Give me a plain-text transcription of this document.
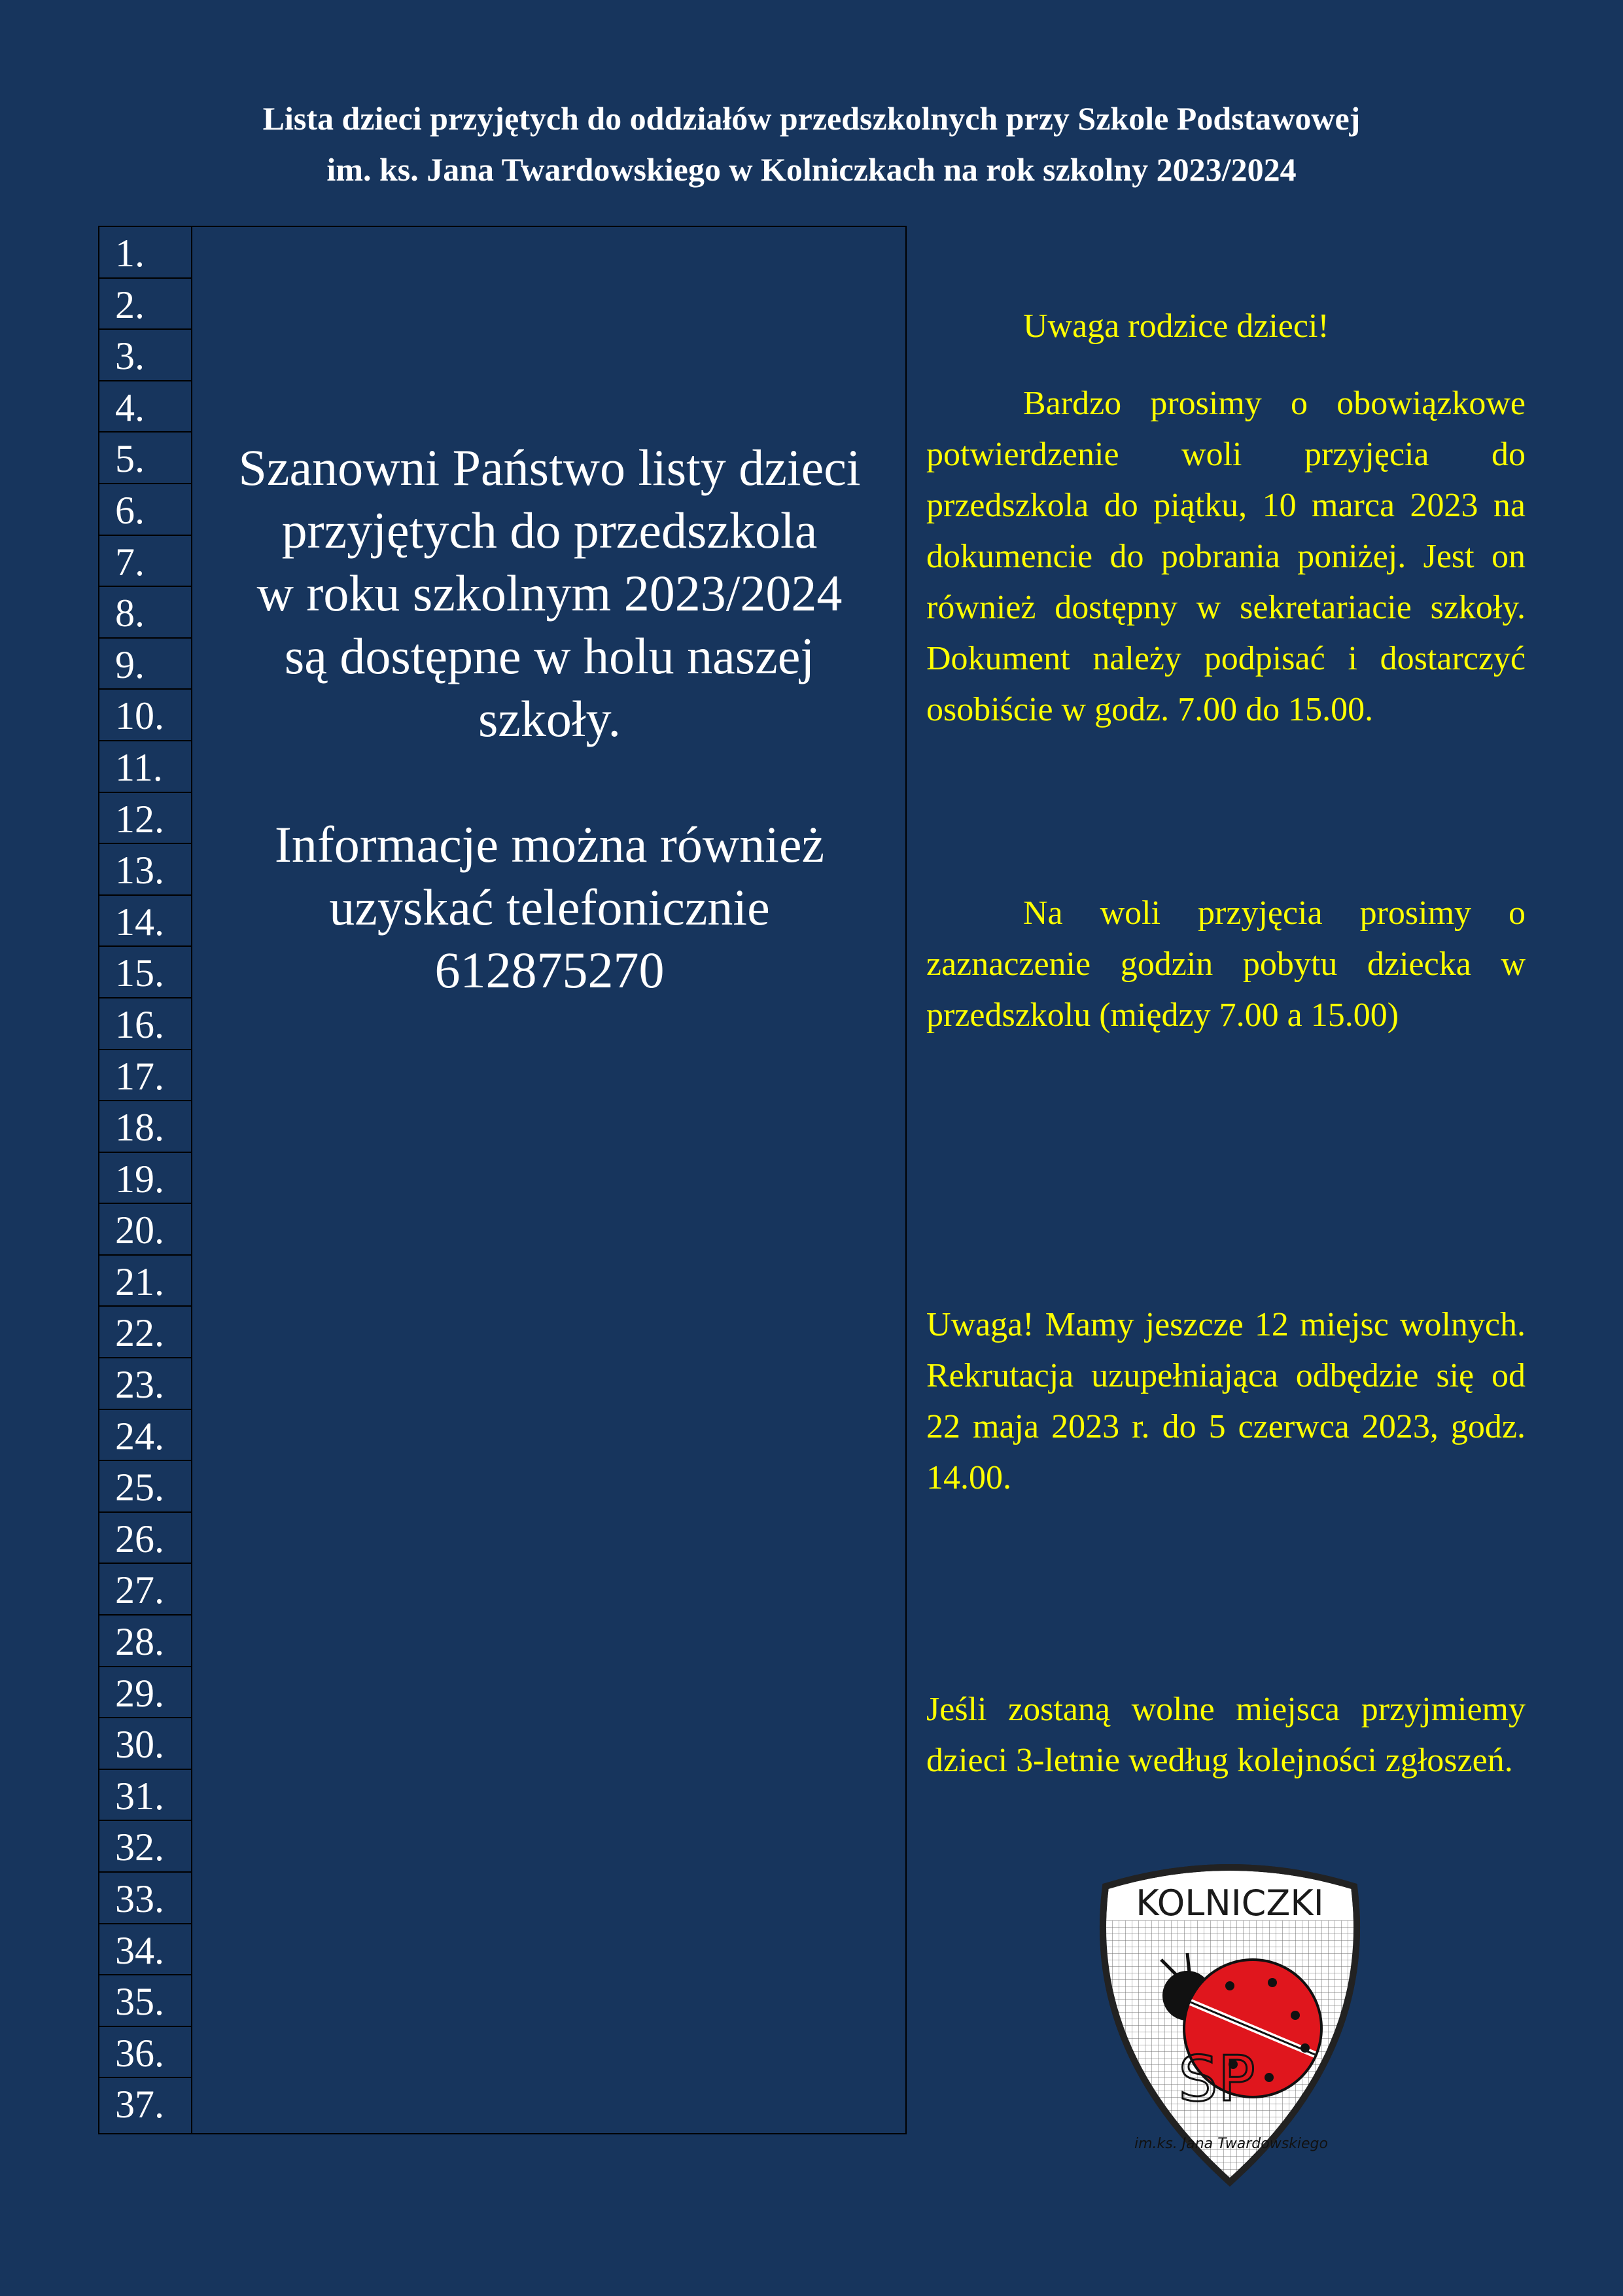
Lista dzieci przyjętych do oddziałów przedszkolnych przy Szkole Podstawowej
im. ks. Jana Twardowskiego w Kolniczkach na rok szkolny 2023/2024
1.
2.
3.
4.
5.
6.
7.
8.
9.
10.
11.
12.
13.
14.
15.
16.
17.
18.
19.
20.
21.
22.
23.
24.
25.
26.
27.
28.
29.
30.
31.
32.
33.
34.
35.
36.
37.

Szanowni Państwo listy dzieci
przyjętych do przedszkola
w roku szkolnym 2023/2024
są dostępne w holu naszej
szkoły.

Informacje można również
uzyskać telefonicznie
612875270

Uwaga rodzice dzieci!

Bardzo prosimy o obowiązkowe potwierdzenie woli przyjęcia do przedszkola do piątku, 10 marca 2023 na dokumencie do pobrania poniżej. Jest on również dostępny w sekretariacie szkoły. Dokument należy podpisać i dostarczyć osobiście w godz. 7.00 do 15.00.

Na woli przyjęcia prosimy o zaznaczenie godzin pobytu dziecka w przedszkolu (między 7.00 a 15.00)

Uwaga! Mamy jeszcze 12 miejsc wolnych. Rekrutacja uzupełniająca odbędzie się od 22 maja 2023 r. do 5 czerwca 2023, godz. 14.00.

Jeśli zostaną wolne miejsca przyjmiemy dzieci 3-letnie według kolejności zgłoszeń.

KOLNICZKI
SP
im.ks. Jana Twardowskiego
